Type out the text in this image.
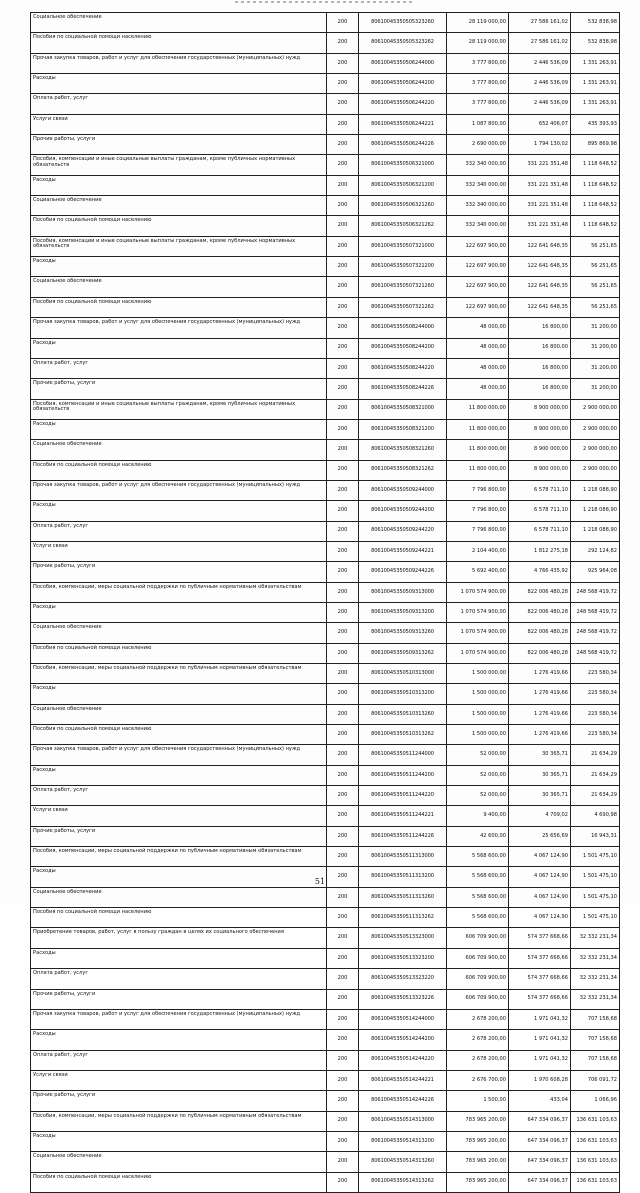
Социальное обеспечение	200	80610045350505323260	28 119 000,00	27 586 161,02	532 838,98
Пособия по социальной помощи населению	200	80610045350505323262	28 119 000,00	27 586 161,02	532 838,98
Прочая закупка товаров, работ и услуг для обеспечения государственных (муниципальных) нужд	200	80610045350506244000	3 777 800,00	2 446 536,09	1 331 263,91
Расходы	200	80610045350506244200	3 777 800,00	2 446 536,09	1 331 263,91
Оплата работ, услуг	200	80610045350506244220	3 777 800,00	2 446 536,09	1 331 263,91
Услуги связи	200	80610045350506244221	1 087 800,00	652 406,07	435 393,93
Прочие работы, услуги	200	80610045350506244226	2 690 000,00	1 794 130,02	895 869,98
Пособия, компенсации и иные социальные выплаты гражданам, кроме публичных нормативных обязательств	200	80610045350506321000	332 340 000,00	331 221 351,48	1 118 648,52
Расходы	200	80610045350506321200	332 340 000,00	331 221 351,48	1 118 648,52
Социальное обеспечение	200	80610045350506321260	332 340 000,00	331 221 351,48	1 118 648,52
Пособия по социальной помощи населению	200	80610045350506321262	332 340 000,00	331 221 351,48	1 118 648,52
Пособия, компенсации и иные социальные выплаты гражданам, кроме публичных нормативных обязательств	200	80610045350507321000	122 697 900,00	122 641 648,35	56 251,65
Расходы	200	80610045350507321200	122 697 900,00	122 641 648,35	56 251,65
Социальное обеспечение	200	80610045350507321260	122 697 900,00	122 641 648,35	56 251,65
Пособия по социальной помощи населению	200	80610045350507321262	122 697 900,00	122 641 648,35	56 251,65
Прочая закупка товаров, работ и услуг для обеспечения государственных (муниципальных) нужд	200	80610045350508244000	48 000,00	16 800,00	31 200,00
Расходы	200	80610045350508244200	48 000,00	16 800,00	31 200,00
Оплата работ, услуг	200	80610045350508244220	48 000,00	16 800,00	31 200,00
Прочие работы, услуги	200	80610045350508244226	48 000,00	16 800,00	31 200,00
Пособия, компенсации и иные социальные выплаты гражданам, кроме публичных нормативных обязательств	200	80610045350508321000	11 800 000,00	8 900 000,00	2 900 000,00
Расходы	200	80610045350508321200	11 800 000,00	8 900 000,00	2 900 000,00
Социальное обеспечение	200	80610045350508321260	11 800 000,00	8 900 000,00	2 900 000,00
Пособия по социальной помощи населению	200	80610045350508321262	11 800 000,00	8 900 000,00	2 900 000,00
Прочая закупка товаров, работ и услуг для обеспечения государственных (муниципальных) нужд	200	80610045350509244000	7 796 800,00	6 578 711,10	1 218 088,90
Расходы	200	80610045350509244200	7 796 800,00	6 578 711,10	1 218 088,90
Оплата работ, услуг	200	80610045350509244220	7 796 800,00	6 578 711,10	1 218 088,90
Услуги связи	200	80610045350509244221	2 104 400,00	1 812 275,18	292 124,82
Прочие работы, услуги	200	80610045350509244226	5 692 400,00	4 766 435,92	925 964,08
Пособия, компенсации, меры социальной поддержки по публичным нормативным обязательствам	200	80610045350509313000	1 070 574 900,00	822 006 480,28	248 568 419,72
Расходы	200	80610045350509313200	1 070 574 900,00	822 006 480,28	248 568 419,72
Социальное обеспечение	200	80610045350509313260	1 070 574 900,00	822 006 480,28	248 568 419,72
Пособия по социальной помощи населению	200	80610045350509313262	1 070 574 900,00	822 006 480,28	248 568 419,72
Пособия, компенсации, меры социальной поддержки по публичным нормативным обязательствам	200	80610045350510313000	1 500 000,00	1 276 419,66	223 580,34
Расходы	200	80610045350510313200	1 500 000,00	1 276 419,66	223 580,34
Социальное обеспечение	200	80610045350510313260	1 500 000,00	1 276 419,66	223 580,34
Пособия по социальной помощи населению	200	80610045350510313262	1 500 000,00	1 276 419,66	223 580,34
Прочая закупка товаров, работ и услуг для обеспечения государственных (муниципальных) нужд	200	80610045350511244000	52 000,00	30 365,71	21 634,29
Расходы	200	80610045350511244200	52 000,00	30 365,71	21 634,29
Оплата работ, услуг	200	80610045350511244220	52 000,00	30 365,71	21 634,29
Услуги связи	200	80610045350511244221	9 400,00	4 709,02	4 690,98
Прочие работы, услуги	200	80610045350511244226	42 600,00	25 656,69	16 943,31
Пособия, компенсации, меры социальной поддержки по публичным нормативным обязательствам	200	80610045350511313000	5 568 600,00	4 067 124,90	1 501 475,10
Расходы	200	80610045350511313200	5 568 600,00	4 067 124,90	1 501 475,10
Социальное обеспечение	200	80610045350511313260	5 568 600,00	4 067 124,90	1 501 475,10
Пособия по социальной помощи населению	200	80610045350511313262	5 568 600,00	4 067 124,90	1 501 475,10
Приобретение товаров, работ, услуг в пользу граждан в целях их социального обеспечения	200	80610045350513323000	606 709 900,00	574 377 668,66	32 332 231,34
Расходы	200	80610045350513323200	606 709 900,00	574 377 668,66	32 332 231,34
Оплата работ, услуг	200	80610045350513323220	606 709 900,00	574 377 668,66	32 332 231,34
Прочие работы, услуги	200	80610045350513323226	606 709 900,00	574 377 668,66	32 332 231,34
Прочая закупка товаров, работ и услуг для обеспечения государственных (муниципальных) нужд	200	80610045350514244000	2 678 200,00	1 971 041,32	707 158,68
Расходы	200	80610045350514244200	2 678 200,00	1 971 041,32	707 158,68
Оплата работ, услуг	200	80610045350514244220	2 678 200,00	1 971 041,32	707 158,68
Услуги связи	200	80610045350514244221	2 676 700,00	1 970 608,28	706 091,72
Прочие работы, услуги	200	80610045350514244226	1 500,00	433,04	1 066,96
Пособия, компенсации, меры социальной поддержки по публичным нормативным обязательствам	200	80610045350514313000	783 965 200,00	647 334 096,37	136 631 103,63
Расходы	200	80610045350514313200	783 965 200,00	647 334 096,37	136 631 103,63
Социальное обеспечение	200	80610045350514313260	783 965 200,00	647 334 096,37	136 631 103,63
Пособия по социальной помощи населению	200	80610045350514313262	783 965 200,00	647 334 096,37	136 631 103,63
51
